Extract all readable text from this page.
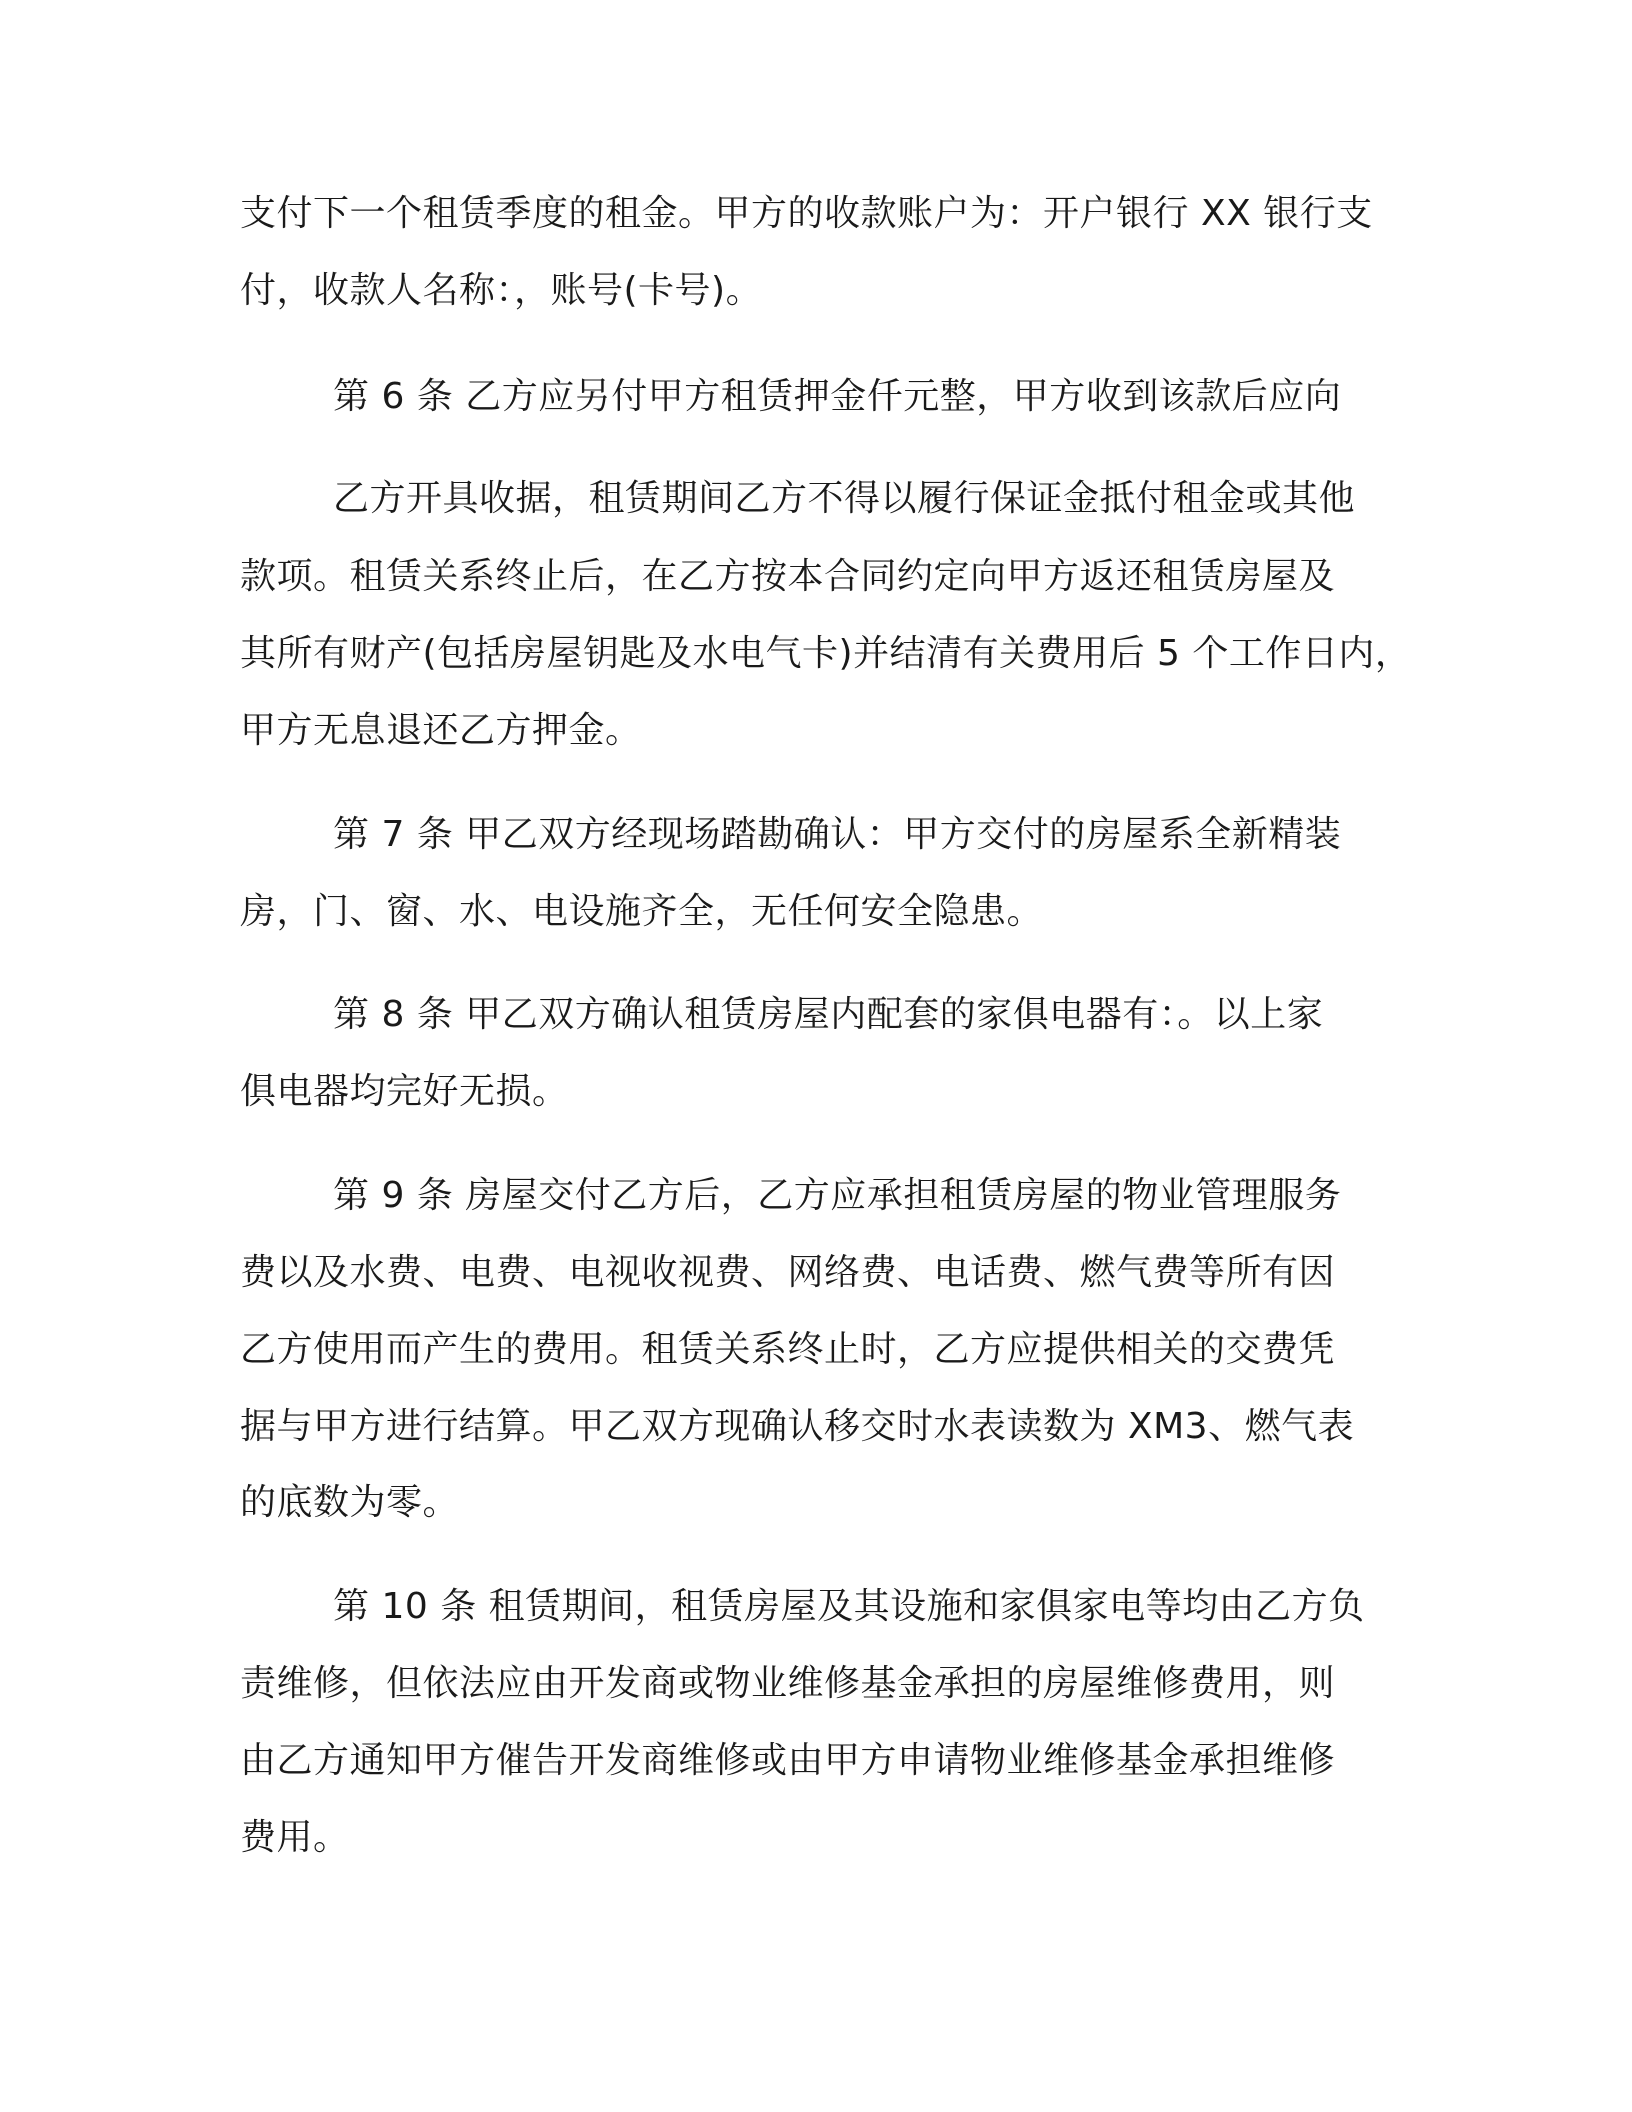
支付下一个租赁季度的租金。甲方的收款账户为：开户银行 XX 银行支
付，收款人名称：，账号(卡号)。
第 6 条 乙方应另付甲方租赁押金仟元整，甲方收到该款后应向
乙方开具收据，租赁期间乙方不得以履行保证金抵付租金或其他
款项。租赁关系终止后，在乙方按本合同约定向甲方返还租赁房屋及
其所有财产(包括房屋钥匙及水电气卡)并结清有关费用后 5 个工作日内，
甲方无息退还乙方押金。
第 7 条 甲乙双方经现场踏勘确认：甲方交付的房屋系全新精装
房，门、窗、水、电设施齐全，无任何安全隐患。
第 8 条 甲乙双方确认租赁房屋内配套的家俱电器有：。以上家
俱电器均完好无损。
第 9 条 房屋交付乙方后，乙方应承担租赁房屋的物业管理服务
费以及水费、电费、电视收视费、网络费、电话费、燃气费等所有因
乙方使用而产生的费用。租赁关系终止时，乙方应提供相关的交费凭
据与甲方进行结算。甲乙双方现确认移交时水表读数为 XM3、燃气表
的底数为零。
第 10 条 租赁期间，租赁房屋及其设施和家俱家电等均由乙方负
责维修，但依法应由开发商或物业维修基金承担的房屋维修费用，则
由乙方通知甲方催告开发商维修或由甲方申请物业维修基金承担维修
费用。
